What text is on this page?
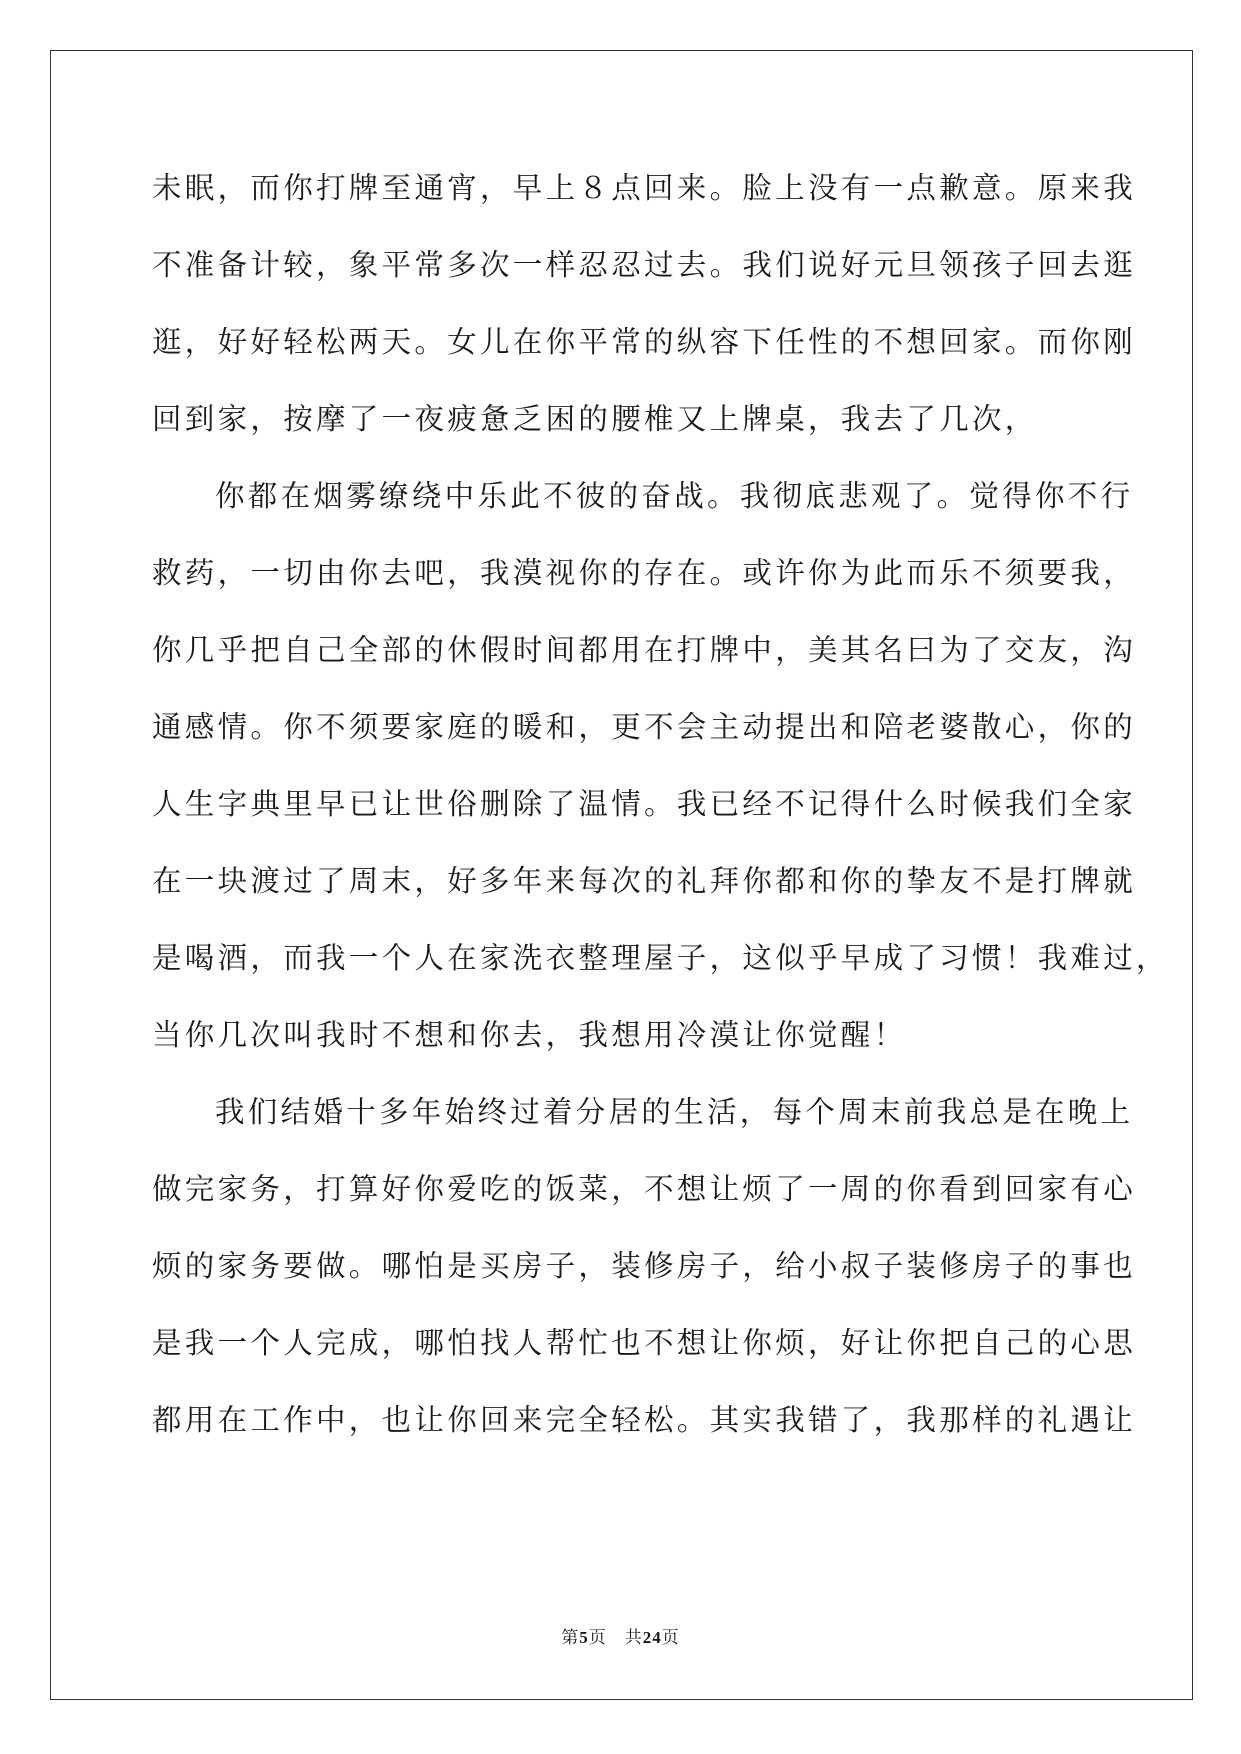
未眠，而你打牌至通宵，早上８点回来。脸上没有一点歉意。原来我
不准备计较，象平常多次一样忍忍过去。我们说好元旦领孩子回去逛
逛，好好轻松两天。女儿在你平常的纵容下任性的不想回家。而你刚
回到家，按摩了一夜疲惫乏困的腰椎又上牌桌，我去了几次，
你都在烟雾缭绕中乐此不彼的奋战。我彻底悲观了。觉得你不行
救药，一切由你去吧，我漠视你的存在。或许你为此而乐不须要我，
你几乎把自己全部的休假时间都用在打牌中，美其名曰为了交友，沟
通感情。你不须要家庭的暖和，更不会主动提出和陪老婆散心，你的
人生字典里早已让世俗删除了温情。我已经不记得什么时候我们全家
在一块渡过了周末，好多年来每次的礼拜你都和你的挚友不是打牌就
是喝酒，而我一个人在家洗衣整理屋子，这似乎早成了习惯！我难过，
当你几次叫我时不想和你去，我想用冷漠让你觉醒！
我们结婚十多年始终过着分居的生活，每个周末前我总是在晚上
做完家务，打算好你爱吃的饭菜，不想让烦了一周的你看到回家有心
烦的家务要做。哪怕是买房子，装修房子，给小叔子装修房子的事也
是我一个人完成，哪怕找人帮忙也不想让你烦，好让你把自己的心思
都用在工作中，也让你回来完全轻松。其实我错了，我那样的礼遇让
第5页 共24页
